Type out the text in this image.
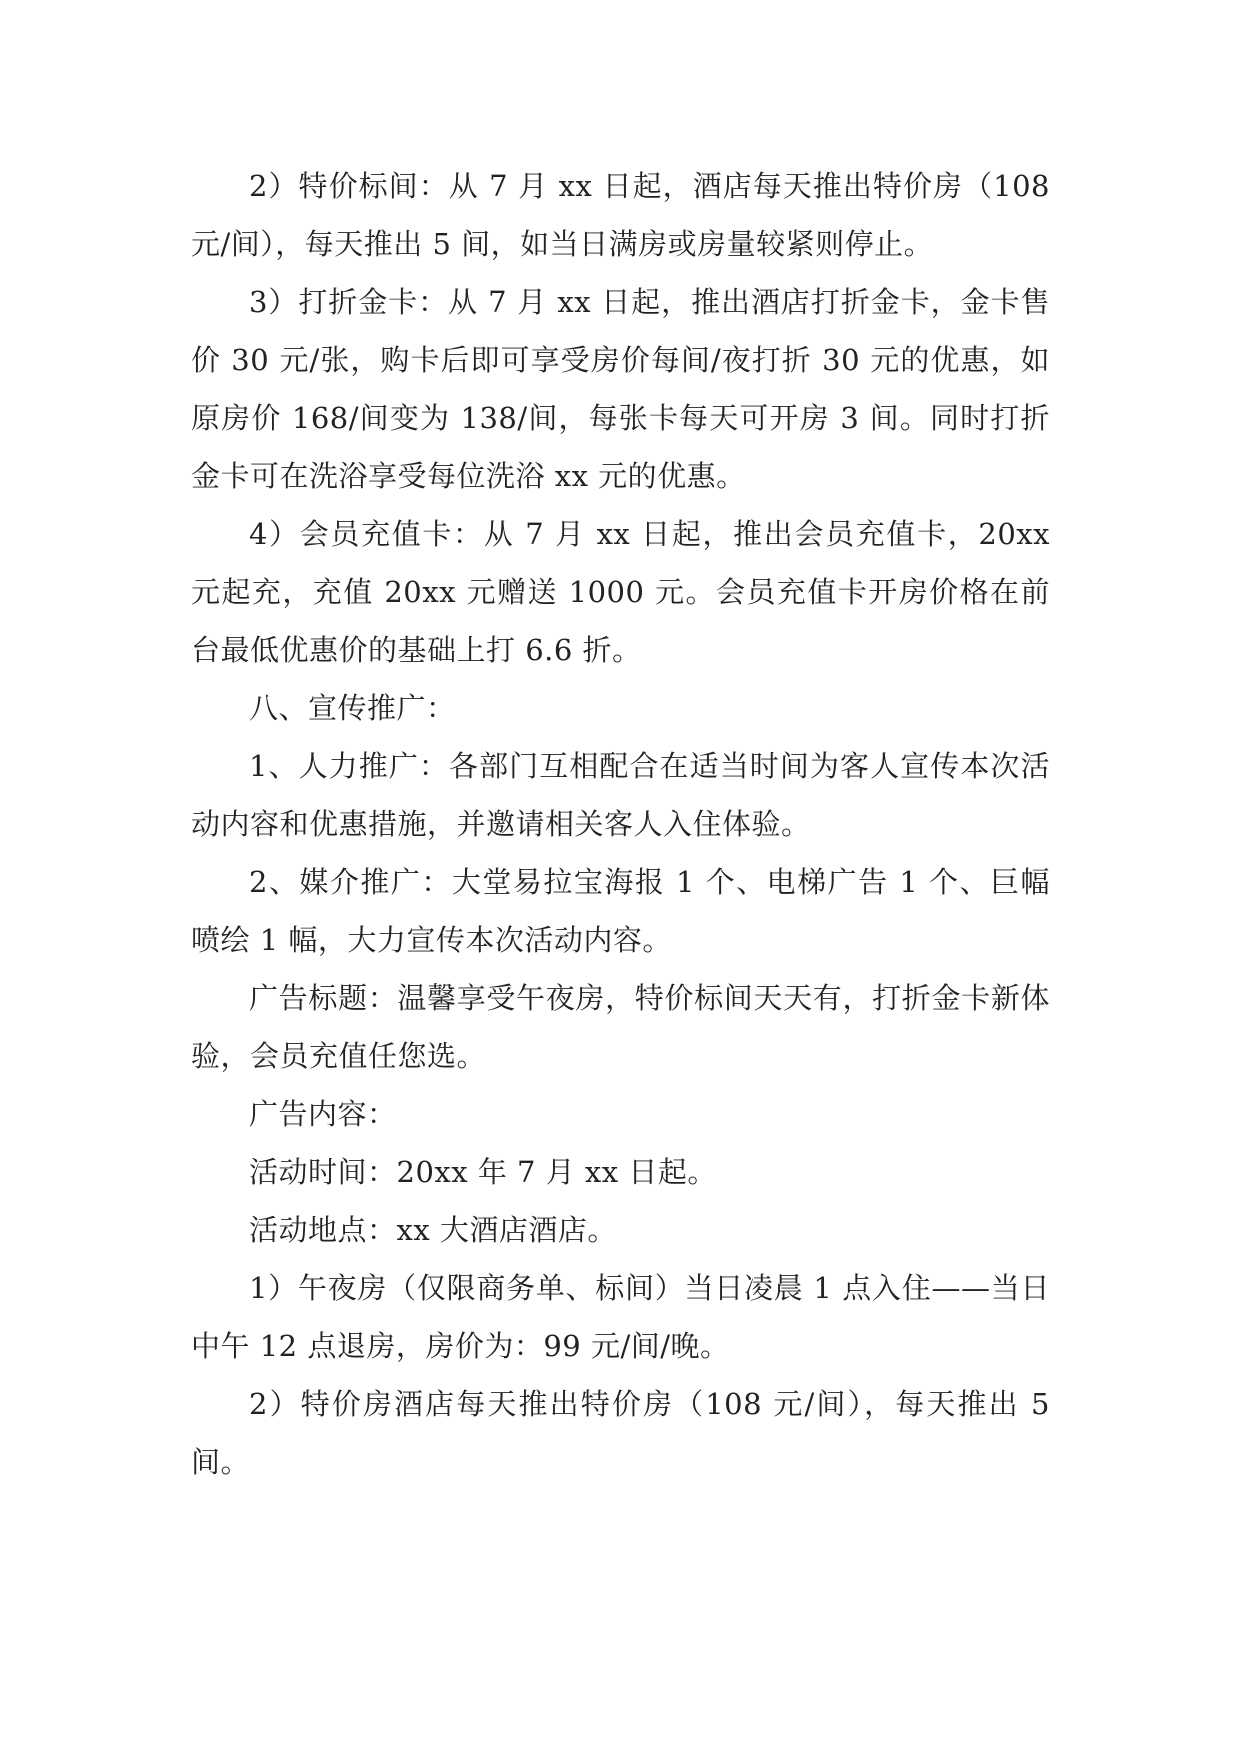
2）特价标间：从 7 月 xx 日起，酒店每天推出特价房（108 元/间），每天推出 5 间，如当日满房或房量较紧则停止。

3）打折金卡：从 7 月 xx 日起，推出酒店打折金卡，金卡售价 30 元/张，购卡后即可享受房价每间/夜打折 30 元的优惠，如原房价 168/间变为 138/间，每张卡每天可开房 3 间。同时打折金卡可在洗浴享受每位洗浴 xx 元的优惠。

4）会员充值卡：从 7 月 xx 日起，推出会员充值卡，20xx 元起充，充值 20xx 元赠送 1000 元。会员充值卡开房价格在前台最低优惠价的基础上打 6.6 折。

八、宣传推广：

1、人力推广：各部门互相配合在适当时间为客人宣传本次活动内容和优惠措施，并邀请相关客人入住体验。

2、媒介推广：大堂易拉宝海报 1 个、电梯广告 1 个、巨幅喷绘 1 幅，大力宣传本次活动内容。

广告标题：温馨享受午夜房，特价标间天天有，打折金卡新体验，会员充值任您选。

广告内容：

活动时间：20xx 年 7 月 xx 日起。

活动地点：xx 大酒店酒店。

1）午夜房（仅限商务单、标间）当日凌晨 1 点入住——当日中午 12 点退房，房价为：99 元/间/晚。

2）特价房酒店每天推出特价房（108 元/间），每天推出 5 间。
